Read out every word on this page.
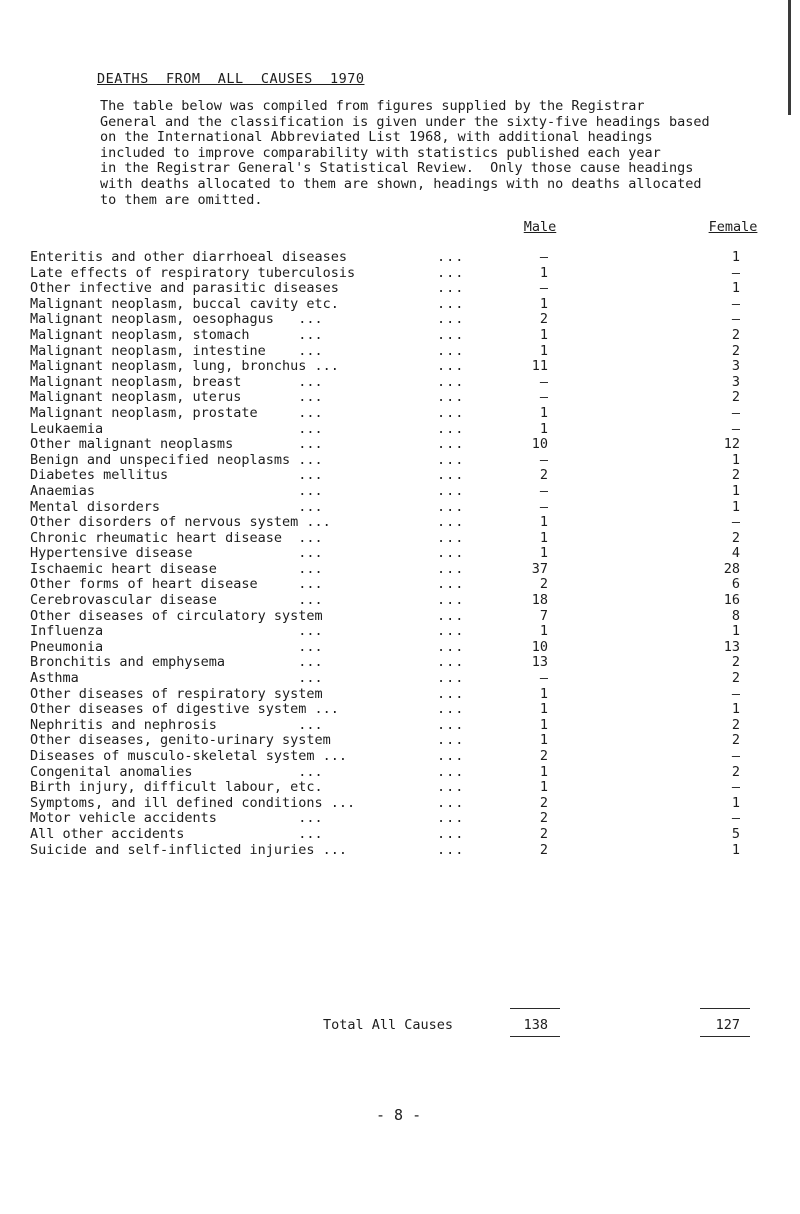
DEATHS  FROM  ALL  CAUSES  1970
The table below was compiled from figures supplied by the Registrar
General and the classification is given under the sixty-five headings based
on the International Abbreviated List 1968, with additional headings
included to improve comparability with statistics published each year
in the Registrar General's Statistical Review.  Only those cause headings
with deaths allocated to them are shown, headings with no deaths allocated
to them are omitted.
Male	Female
Enteritis and other diarrhoeal diseases	...	–	1
Late effects of respiratory tuberculosis	...	1	–
Other infective and parasitic diseases	...	–	1
Malignant neoplasm, buccal cavity etc.	...	1	–
Malignant neoplasm, oesophagus   ...	...	2	–
Malignant neoplasm, stomach      ...	...	1	2
Malignant neoplasm, intestine    ...	...	1	2
Malignant neoplasm, lung, bronchus ...	...	11	3
Malignant neoplasm, breast       ...	...	–	3
Malignant neoplasm, uterus       ...	...	–	2
Malignant neoplasm, prostate     ...	...	1	–
Leukaemia                        ...	...	1	–
Other malignant neoplasms        ...	...	10	12
Benign and unspecified neoplasms ...	...	–	1
Diabetes mellitus                ...	...	2	2
Anaemias                         ...	...	–	1
Mental disorders                 ...	...	–	1
Other disorders of nervous system ...	...	1	–
Chronic rheumatic heart disease  ...	...	1	2
Hypertensive disease             ...	...	1	4
Ischaemic heart disease          ...	...	37	28
Other forms of heart disease     ...	...	2	6
Cerebrovascular disease          ...	...	18	16
Other diseases of circulatory system	...	7	8
Influenza                        ...	...	1	1
Pneumonia                        ...	...	10	13
Bronchitis and emphysema         ...	...	13	2
Asthma                           ...	...	–	2
Other diseases of respiratory system	...	1	–
Other diseases of digestive system ...	...	1	1
Nephritis and nephrosis          ...	...	1	2
Other diseases, genito-urinary system	...	1	2
Diseases of musculo-skeletal system ...	...	2	–
Congenital anomalies             ...	...	1	2
Birth injury, difficult labour, etc.	...	1	–
Symptoms, and ill defined conditions ...	...	2	1
Motor vehicle accidents          ...	...	2	–
All other accidents              ...	...	2	5
Suicide and self-inflicted injuries ...	...	2	1
Total All Causes	138	127
- 8 -
